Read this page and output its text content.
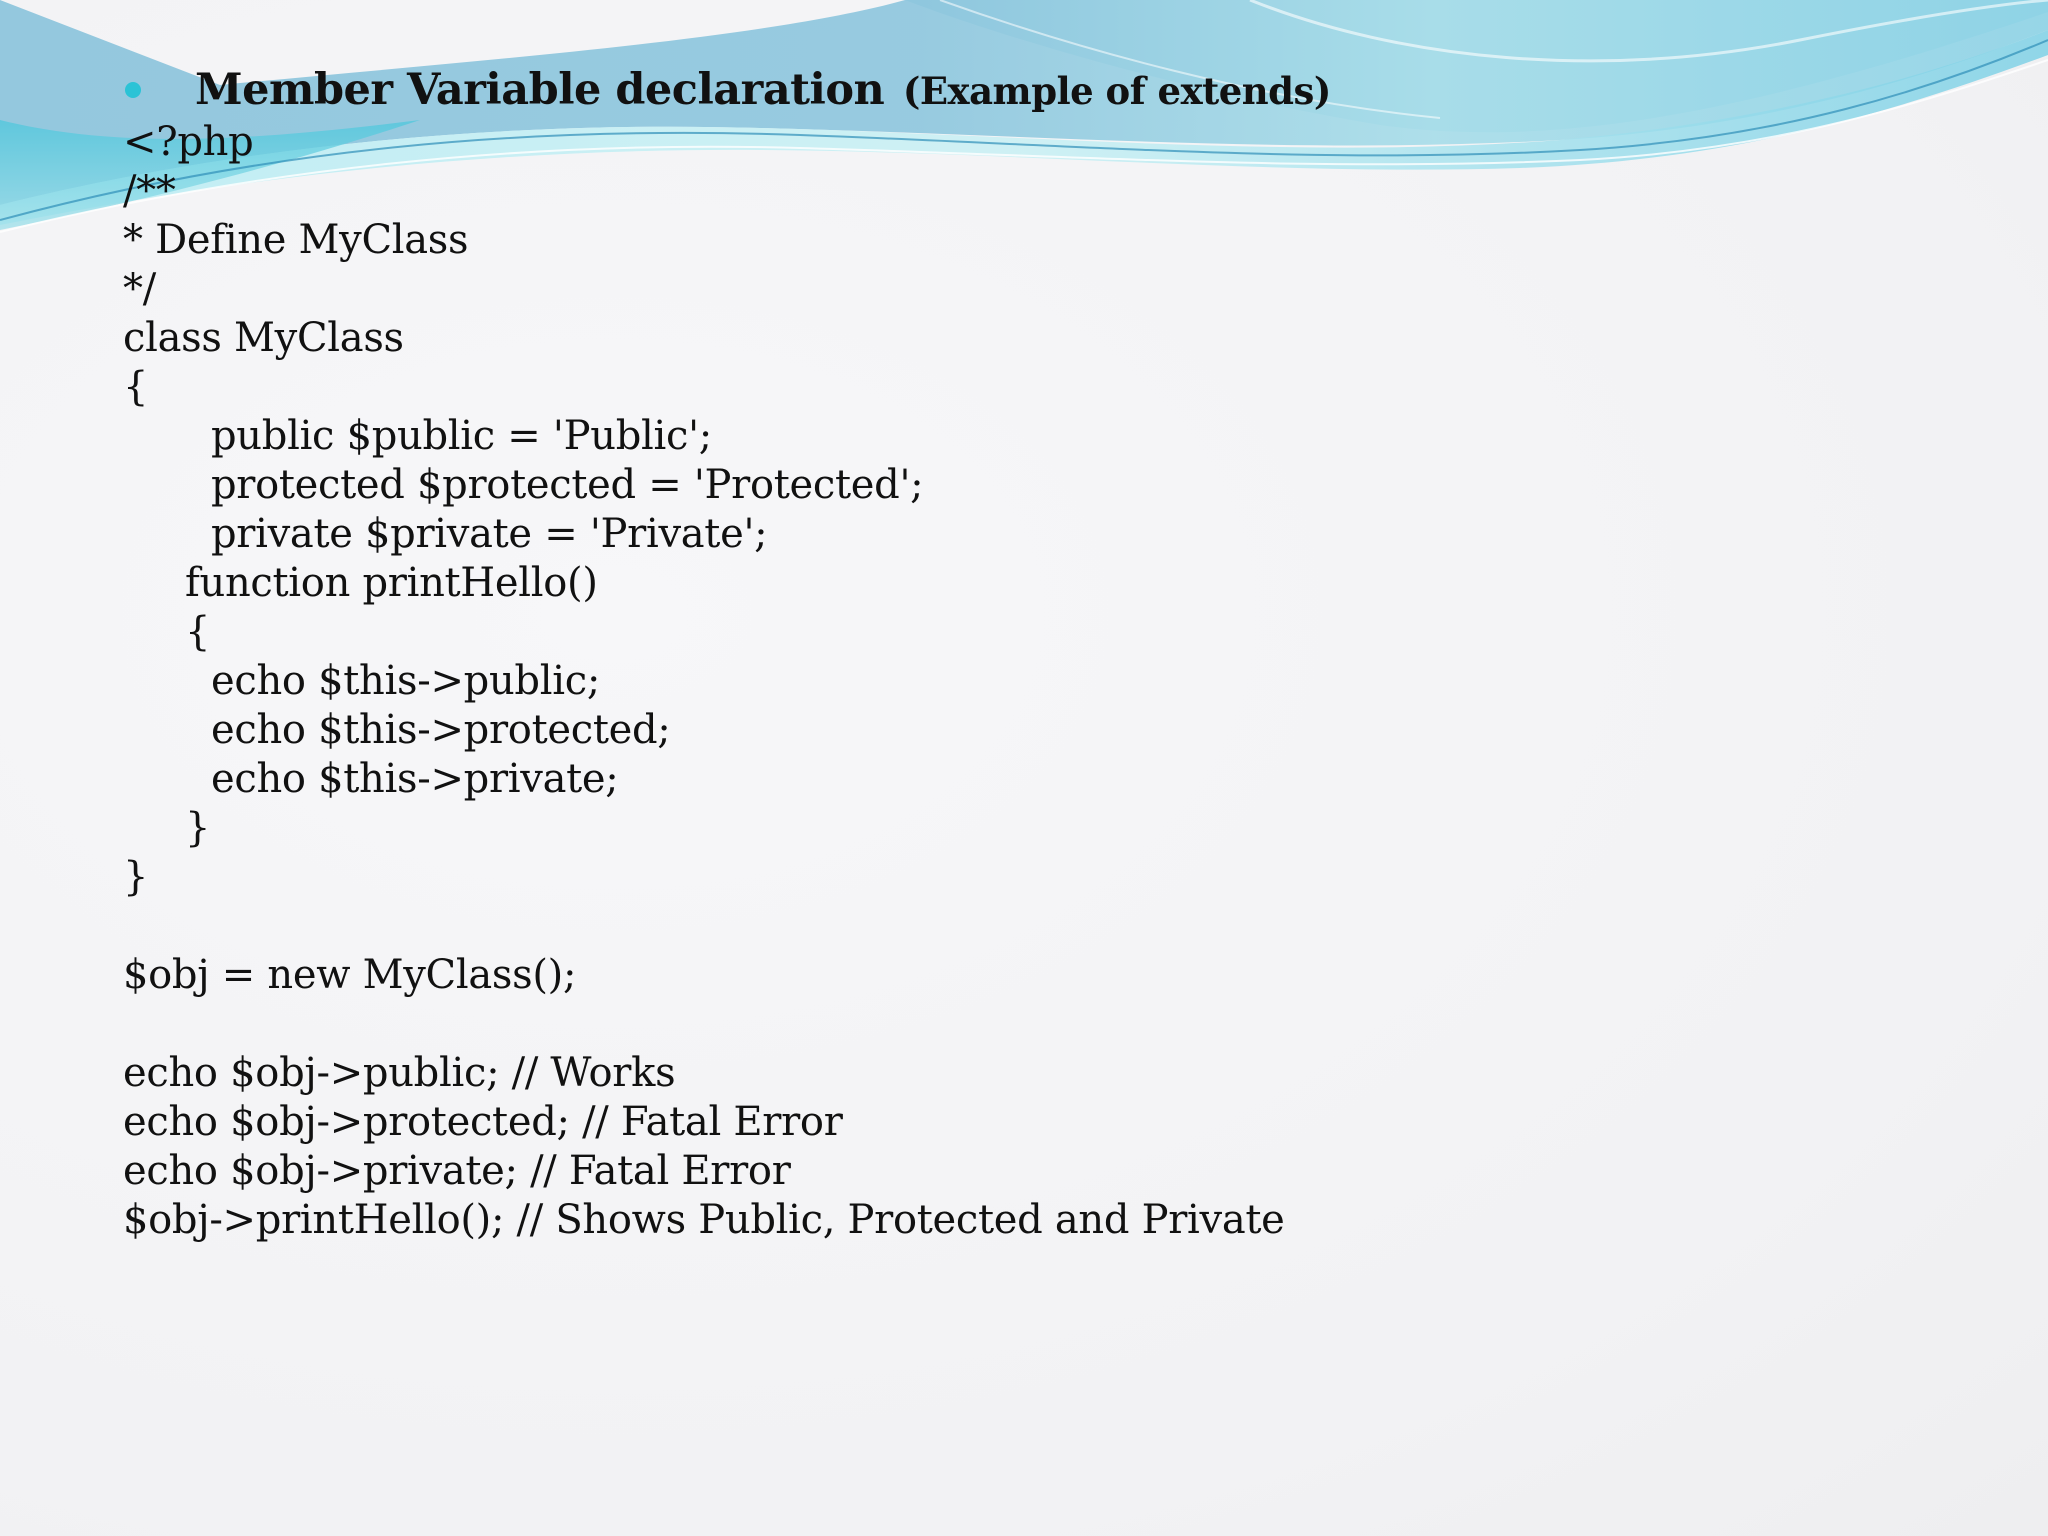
Member Variable declaration (Example of extends)
<?php
/**
* Define MyClass
*/
class MyClass
{
public $public = 'Public';
protected $protected = 'Protected';
private $private = 'Private';
function printHello()
{
echo $this->public;
echo $this->protected;
echo $this->private;
}
}
$obj = new MyClass();
echo $obj->public; // Works
echo $obj->protected; // Fatal Error
echo $obj->private; // Fatal Error
$obj->printHello(); // Shows Public, Protected and Private
